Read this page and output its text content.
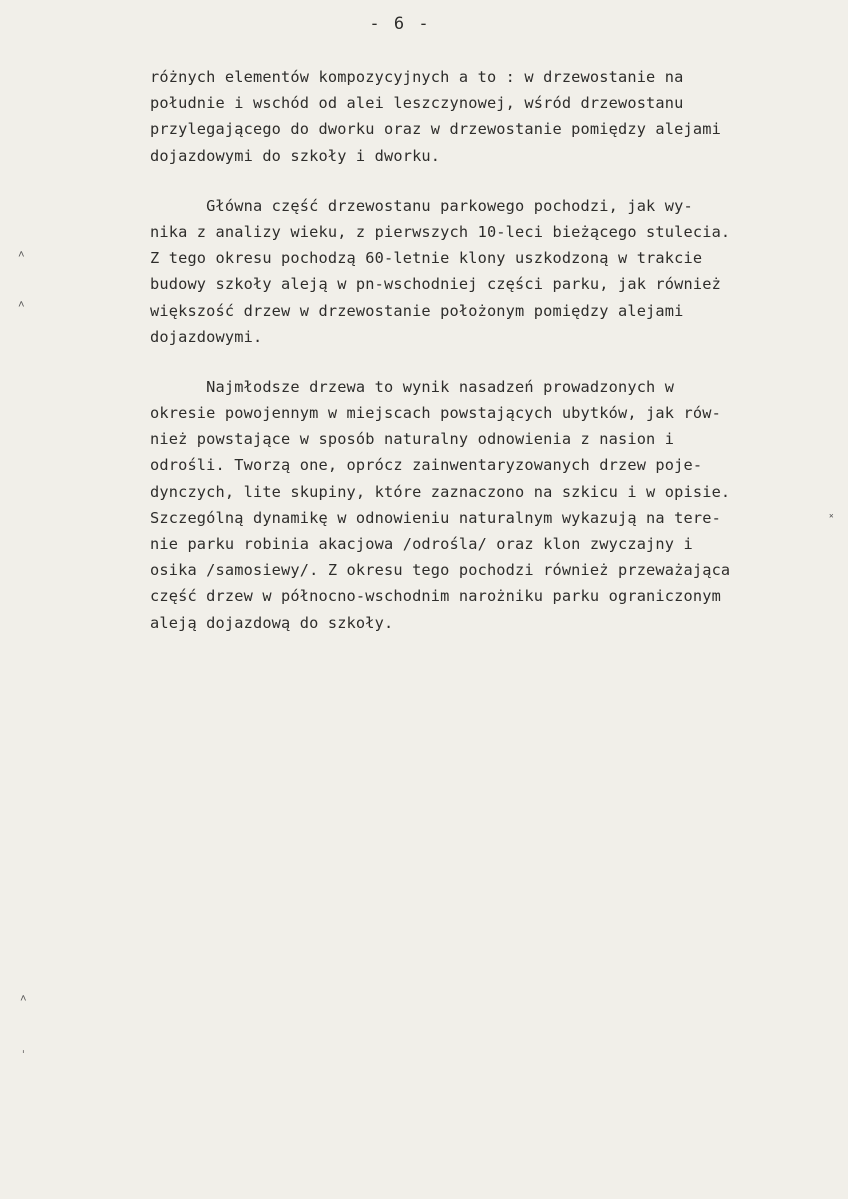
- 6 -
˄
˄
˟
˄
ˈ
różnych elementów kompozycyjnych a to : w drzewostanie na
południe i wschód od alei leszczynowej, wśród drzewostanu
przylegającego do dworku oraz w drzewostanie pomiędzy alejami
dojazdowymi do szkoły i dworku.
Główna część drzewostanu parkowego pochodzi, jak wy-
nika z analizy wieku, z pierwszych 10-leci bieżącego stulecia.
Z tego okresu pochodzą 60-letnie klony uszkodzoną w trakcie
budowy szkoły aleją w pn-wschodniej części parku, jak również
większość drzew w drzewostanie położonym pomiędzy alejami
dojazdowymi.
Najmłodsze drzewa to wynik nasadzeń prowadzonych w
okresie powojennym w miejscach powstających ubytków, jak rów-
nież powstające w sposób naturalny odnowienia z nasion i
odrośli. Tworzą one, oprócz zainwentaryzowanych drzew poje-
dynczych, lite skupiny, które zaznaczono na szkicu i w opisie.
Szczególną dynamikę w odnowieniu naturalnym wykazują na tere-
nie parku robinia akacjowa /odrośla/ oraz klon zwyczajny i
osika /samosiewy/. Z okresu tego pochodzi również przeważająca
część drzew w północno-wschodnim narożniku parku ograniczonym
aleją dojazdową do szkoły.
